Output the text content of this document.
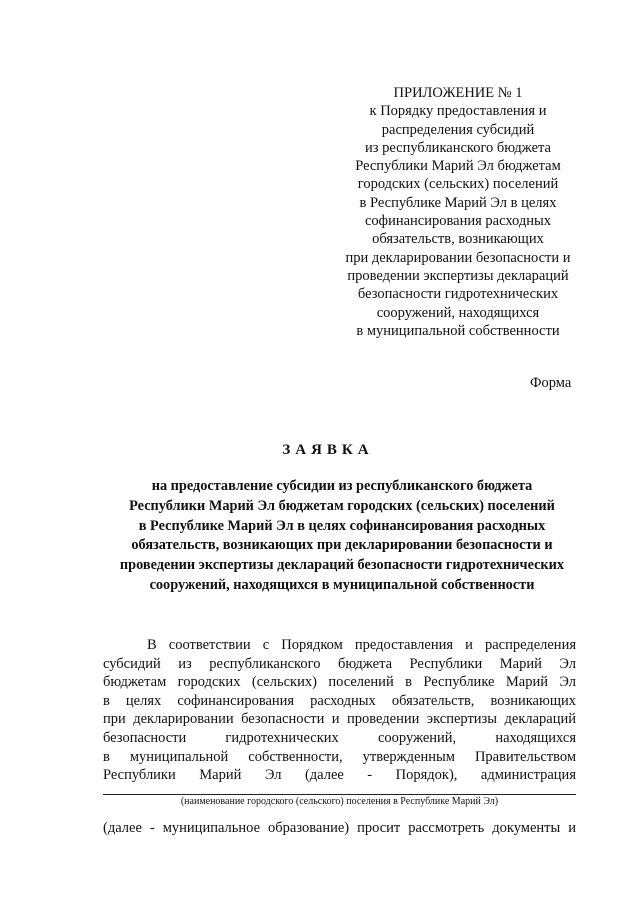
ПРИЛОЖЕНИЕ № 1
к Порядку предоставления и
распределения субсидий
из республиканского бюджета
Республики Марий Эл бюджетам
городских (сельских) поселений
в Республике Марий Эл в целях
софинансирования расходных
обязательств, возникающих
при декларировании безопасности и
проведении экспертизы деклараций
безопасности гидротехнических
сооружений, находящихся
в муниципальной собственности
Форма
ЗАЯВКА
на предоставление субсидии из республиканского бюджета
Республики Марий Эл бюджетам городских (сельских) поселений
в Республике Марий Эл в целях софинансирования расходных
обязательств, возникающих при декларировании безопасности и
проведении экспертизы деклараций безопасности гидротехнических
сооружений, находящихся в муниципальной собственности
В соответствии с Порядком предоставления и распределения
субсидий из республиканского бюджета Республики Марий Эл
бюджетам городских (сельских) поселений в Республике Марий Эл
в целях софинансирования расходных обязательств, возникающих
при декларировании безопасности и проведении экспертизы деклараций
безопасности гидротехнических сооружений, находящихся
в муниципальной собственности, утвержденным Правительством
Республики Марий Эл (далее - Порядок), администрация
(наименование городского (сельского) поселения в Республике Марий Эл)
(далее - муниципальное образование) просит рассмотреть документы и
